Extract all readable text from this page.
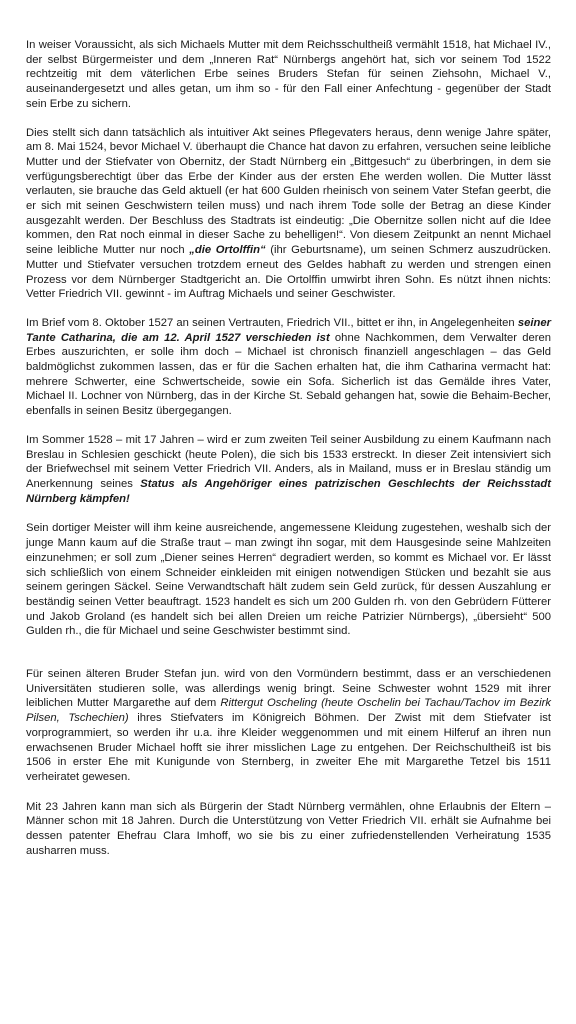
In weiser Voraussicht, als sich Michaels Mutter mit dem Reichsschultheiß vermählt 1518, hat Michael IV., der selbst Bürgermeister und dem „Inneren Rat“ Nürnbergs angehört hat, sich vor seinem Tod 1522 rechtzeitig mit dem väterlichen Erbe seines Bruders Stefan für seinen Ziehsohn, Michael V., auseinandergesetzt und alles getan, um ihm so - für den Fall einer Anfechtung - gegenüber der Stadt sein Erbe zu sichern.

Dies stellt sich dann tatsächlich als intuitiver Akt seines Pflegevaters heraus, denn wenige Jahre später, am 8. Mai 1524, bevor Michael V. überhaupt die Chance hat davon zu erfahren, versuchen seine leibliche Mutter und der Stiefvater von Obernitz, der Stadt Nürnberg ein „Bittgesuch“ zu überbringen, in dem sie verfügungsberechtigt über das Erbe der Kinder aus der ersten Ehe werden wollen. Die Mutter lässt verlauten, sie brauche das Geld aktuell (er hat 600 Gulden rheinisch von seinem Vater Stefan geerbt, die er sich mit seinen Geschwistern teilen muss) und nach ihrem Tode solle der Betrag an diese Kinder ausgezahlt werden. Der Beschluss des Stadtrats ist eindeutig: „Die Obernitze sollen nicht auf die Idee kommen, den Rat noch einmal in dieser Sache zu behelligen!“. Von diesem Zeitpunkt an nennt Michael seine leibliche Mutter nur noch „die Ortolffin“ (ihr Geburtsname), um seinen Schmerz auszudrücken. Mutter und Stiefvater versuchen trotzdem erneut des Geldes habhaft zu werden und strengen einen Prozess vor dem Nürnberger Stadtgericht an. Die Ortolffin umwirbt ihren Sohn. Es nützt ihnen nichts: Vetter Friedrich VII. gewinnt - im Auftrag Michaels und seiner Geschwister.

Im Brief vom 8. Oktober 1527 an seinen Vertrauten, Friedrich VII., bittet er ihn, in Angelegenheiten seiner Tante Catharina, die am 12. April 1527 verschieden ist ohne Nachkommen, dem Verwalter deren Erbes auszurichten, er solle ihm doch – Michael ist chronisch finanziell angeschlagen – das Geld baldmöglichst zukommen lassen, das er für die Sachen erhalten hat, die ihm Catharina vermacht hat: mehrere Schwerter, eine Schwertscheide, sowie ein Sofa. Sicherlich ist das Gemälde ihres Vater, Michael II. Lochner von Nürnberg, das in der Kirche St. Sebald gehangen hat, sowie die Behaim-Becher, ebenfalls in seinen Besitz übergegangen.

Im Sommer 1528 – mit 17 Jahren – wird er zum zweiten Teil seiner Ausbildung zu einem Kaufmann nach Breslau in Schlesien geschickt (heute Polen), die sich bis 1533 erstreckt. In dieser Zeit intensiviert sich der Briefwechsel mit seinem Vetter Friedrich VII. Anders, als in Mailand, muss er in Breslau ständig um Anerkennung seines Status als Angehöriger eines patrizischen Geschlechts der Reichsstadt Nürnberg kämpfen!

Sein dortiger Meister will ihm keine ausreichende, angemessene Kleidung zugestehen, weshalb sich der junge Mann kaum auf die Straße traut – man zwingt ihn sogar, mit dem Hausgesinde seine Mahlzeiten einzunehmen; er soll zum „Diener seines Herren“ degradiert werden, so kommt es Michael vor. Er lässt sich schließlich von einem Schneider einkleiden mit einigen notwendigen Stücken und bezahlt sie aus seinem geringen Säckel. Seine Verwandtschaft hält zudem sein Geld zurück, für dessen Auszahlung er beständig seinen Vetter beauftragt. 1523 handelt es sich um 200 Gulden rh. von den Gebrüdern Fütterer und Jakob Groland (es handelt sich bei allen Dreien um reiche Patrizier Nürnbergs), „übersieht“ 500 Gulden rh., die für Michael und seine Geschwister bestimmt sind.

Für seinen älteren Bruder Stefan jun. wird von den Vormündern bestimmt, dass er an verschiedenen Universitäten studieren solle, was allerdings wenig bringt. Seine Schwester wohnt 1529 mit ihrer leiblichen Mutter Margarethe auf dem Rittergut Oscheling (heute Oschelin bei Tachau/Tachov im Bezirk Pilsen, Tschechien) ihres Stiefvaters im Königreich Böhmen. Der Zwist mit dem Stiefvater ist vorprogrammiert, so werden ihr u.a. ihre Kleider weggenommen und mit einem Hilferuf an ihren nun erwachsenen Bruder Michael hofft sie ihrer misslichen Lage zu entgehen. Der Reichschultheiß ist bis 1506 in erster Ehe mit Kunigunde von Sternberg, in zweiter Ehe mit Margarethe Tetzel bis 1511 verheiratet gewesen.

Mit 23 Jahren kann man sich als Bürgerin der Stadt Nürnberg vermählen, ohne Erlaubnis der Eltern – Männer schon mit 18 Jahren. Durch die Unterstützung von Vetter Friedrich VII. erhält sie Aufnahme bei dessen patenter Ehefrau Clara Imhoff, wo sie bis zu einer zufriedenstellenden Verheiratung 1535 ausharren muss.
